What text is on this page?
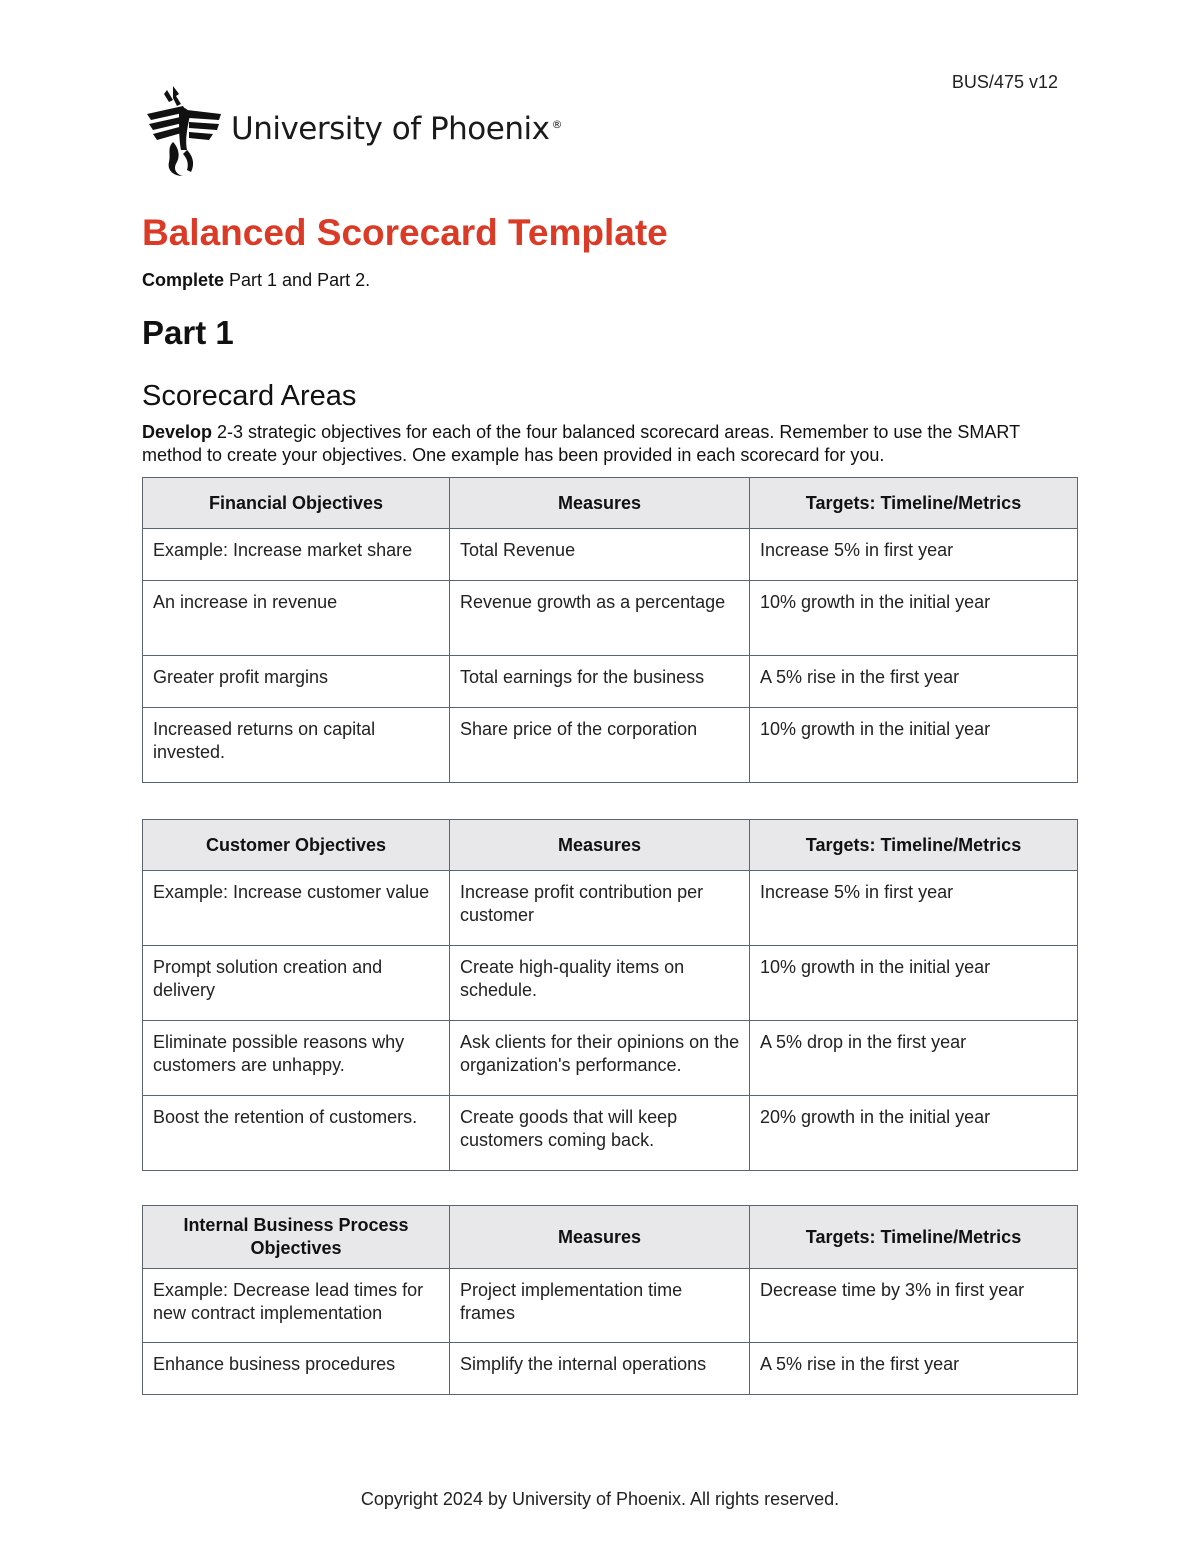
BUS/475 v12
University of Phoenix ®
Balanced Scorecard Template

Complete Part 1 and Part 2.

Part 1
Scorecard Areas

Develop 2-3 strategic objectives for each of the four balanced scorecard areas. Remember to use the SMART method to create your objectives. One example has been provided in each scorecard for you.

Financial Objectives	Measures	Targets: Timeline/Metrics
Example: Increase market share	Total Revenue	Increase 5% in first year
An increase in revenue	Revenue growth as a percentage	10% growth in the initial year
Greater profit margins	Total earnings for the business	A 5% rise in the first year
Increased returns on capital invested.	Share price of the corporation	10% growth in the initial year
Customer Objectives	Measures	Targets: Timeline/Metrics
Example: Increase customer value	Increase profit contribution per customer	Increase 5% in first year
Prompt solution creation and delivery	Create high-quality items on schedule.	10% growth in the initial year
Eliminate possible reasons why customers are unhappy.	Ask clients for their opinions on the organization's performance.	A 5% drop in the first year
Boost the retention of customers.	Create goods that will keep customers coming back.	20% growth in the initial year
Internal Business Process Objectives	Measures	Targets: Timeline/Metrics
Example: Decrease lead times for new contract implementation	Project implementation time frames	Decrease time by 3% in first year
Enhance business procedures	Simplify the internal operations	A 5% rise in the first year
Copyright 2024 by University of Phoenix. All rights reserved.
